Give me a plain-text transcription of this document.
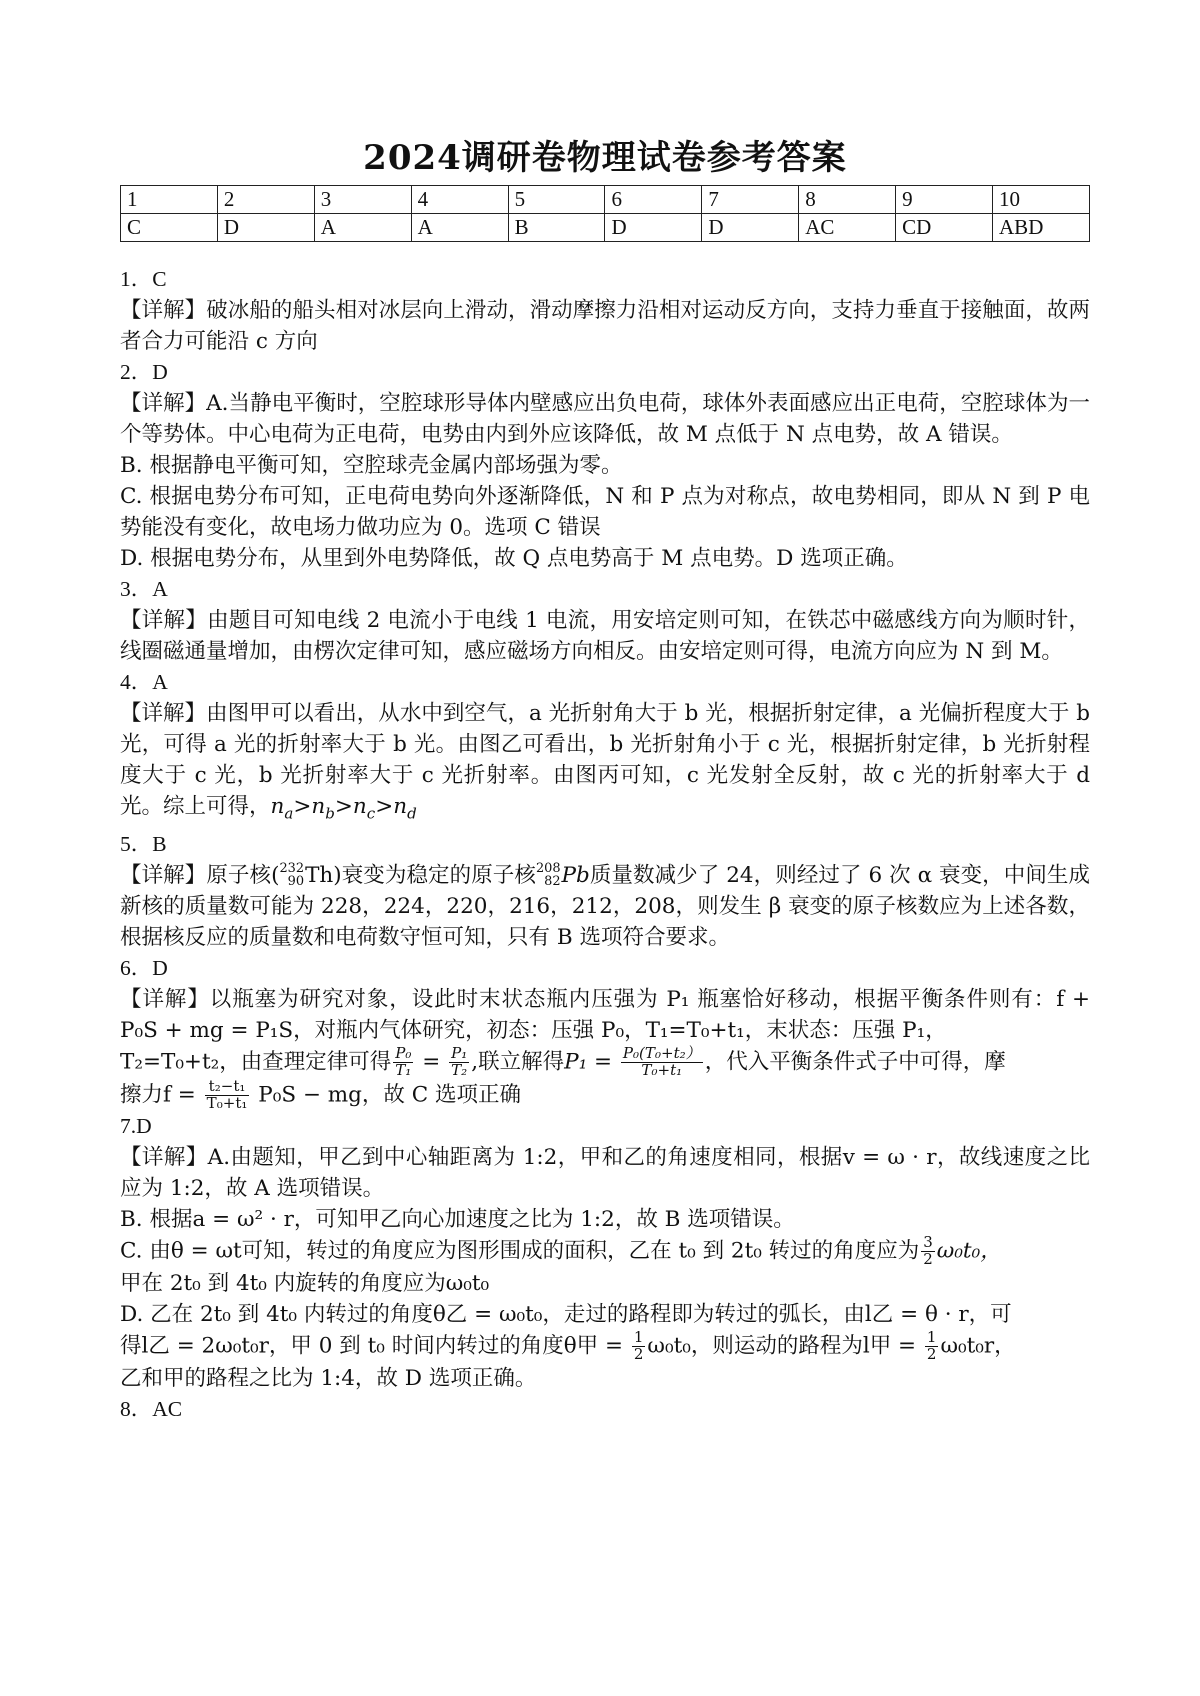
2024调研卷物理试卷参考答案
1	2	3	4	5	6	7	8	9	10
C	D	A	A	B	D	D	AC	CD	ABD

1．C

【详解】破冰船的船头相对冰层向上滑动，滑动摩擦力沿相对运动反方向，支持力垂直于接触面，故两者合力可能沿 c 方向

2．D

【详解】A.当静电平衡时，空腔球形导体内壁感应出负电荷，球体外表面感应出正电荷，空腔球体为一个等势体。中心电荷为正电荷，电势由内到外应该降低，故 M 点低于 N 点电势，故 A 错误。

B. 根据静电平衡可知，空腔球壳金属内部场强为零。

C. 根据电势分布可知，正电荷电势向外逐渐降低，N 和 P 点为对称点，故电势相同，即从 N 到 P 电势能没有变化，故电场力做功应为 0。选项 C 错误

D. 根据电势分布，从里到外电势降低，故 Q 点电势高于 M 点电势。D 选项正确。

3．A

【详解】由题目可知电线 2 电流小于电线 1 电流，用安培定则可知，在铁芯中磁感线方向为顺时针，线圈磁通量增加，由楞次定律可知，感应磁场方向相反。由安培定则可得，电流方向应为 N 到 M。

4．A

【详解】由图甲可以看出，从水中到空气，a 光折射角大于 b 光，根据折射定律，a 光偏折程度大于 b 光，可得 a 光的折射率大于 b 光。由图乙可看出，b 光折射角小于 c 光，根据折射定律，b 光折射程度大于 c 光，b 光折射率大于 c 光折射率。由图丙可知，c 光发射全反射，故 c 光的折射率大于 d 光。综上可得，$n_a>n_b>n_c>n_d$

5．B

【详解】原子核( 232
90 Th)衰变为稳定的原子核 208
82 Pb质量数减少了 24，则经过了 6 次 α 衰变，中间生成新核的质量数可能为 228，224，220，216，212，208，则发生 β 衰变的原子核数应为上述各数，根据核反应的质量数和电荷数守恒可知，只有 B 选项符合要求。

6．D

【详解】以瓶塞为研究对象，设此时末状态瓶内压强为 P₁ 瓶塞恰好移动，根据平衡条件则有：f + P₀S + mg = P₁S，对瓶内气体研究，初态：压强 P₀，T₁=T₀+t₁，末状态：压强 P₁，

T₂=T₀+t₂，由查理定律可得 $\frac{\text{P₀}}{\text{T₁}} = \frac{\text{P₁}}{\text{T₂}}$ ,联立解得$P_1 = \frac{\text{P₀(T₀+t₂）}}{\text{T₀+t₁}}$ ，代入平衡条件式子中可得，摩

擦力$f = \frac{\text{t₂−t₁}}{\text{T₀+t₁}} P_0S$ − mg，故 C 选项正确

7.D

【详解】A.由题知，甲乙到中心轴距离为 1:2，甲和乙的角速度相同，根据v = ω · r，故线速度之比应为 1:2，故 A 选项错误。

B. 根据a = ω² · r，可知甲乙向心加速度之比为 1:2，故 B 选项错误。

C. 由θ = ωt可知，转过的角度应为图形围成的面积，乙在 t₀ 到 2t₀ 转过的角度应为 $\frac{3}{2} \omega_0t_0$，

甲在 2t₀ 到 4t₀ 内旋转的角度应为ω₀t₀

D. 乙在 2t₀ 到 4t₀ 内转过的角度θ乙 = ω₀t₀，走过的路程即为转过的弧长，由l乙 = θ · r，可

得l乙 = 2ω₀t₀r，甲 0 到 t₀ 时间内转过的角度θ甲 = $\frac{1}{2} \omega_0t_0$，则运动的路程为l甲 = $\frac{1}{2} \omega_0t_0r$，

乙和甲的路程之比为 1:4，故 D 选项正确。

8．AC
